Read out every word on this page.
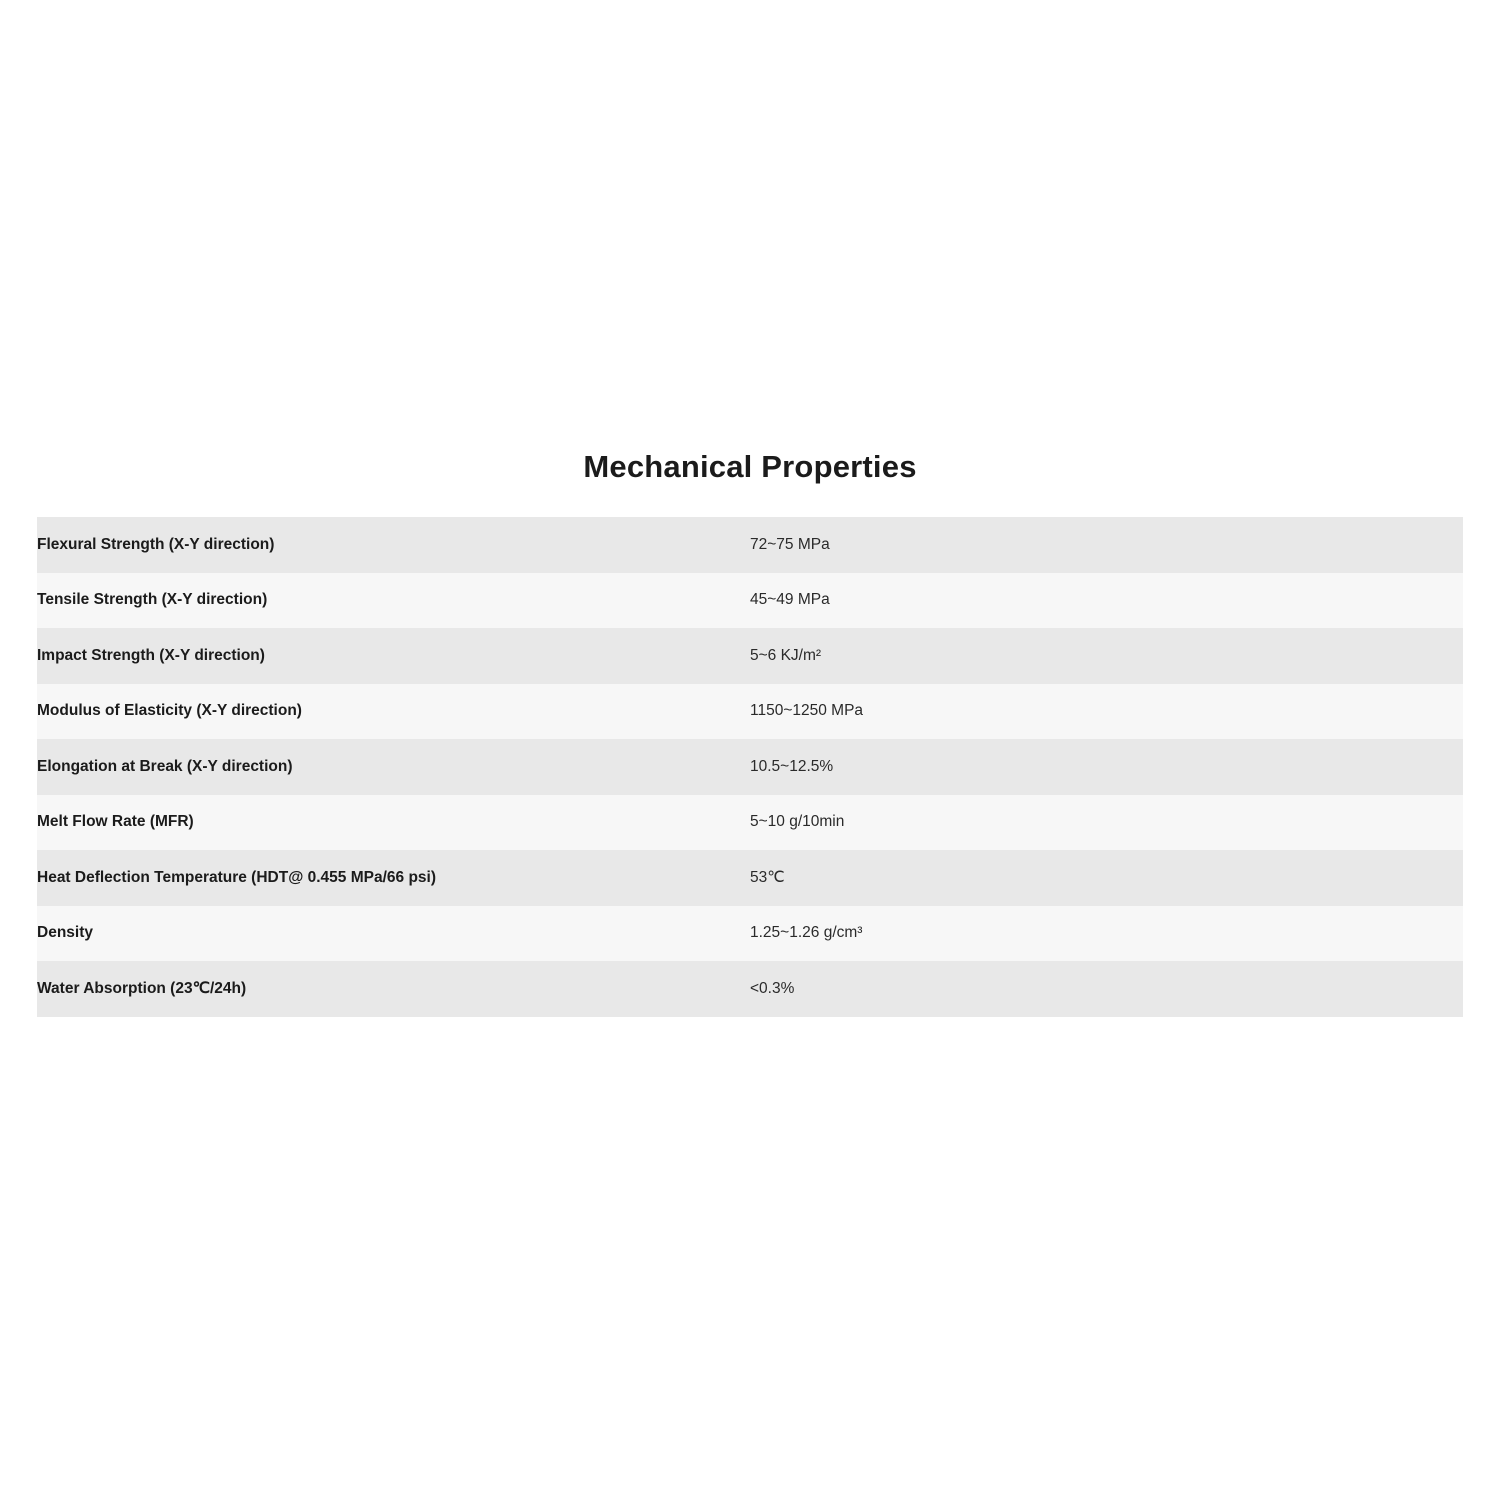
Mechanical Properties
Flexural Strength (X-Y direction)	72~75 MPa
Tensile Strength (X-Y direction)	45~49 MPa
Impact Strength (X-Y direction)	5~6 KJ/m²
Modulus of Elasticity (X-Y direction)	1150~1250 MPa
Elongation at Break (X-Y direction)	10.5~12.5%
Melt Flow Rate (MFR)	5~10 g/10min
Heat Deflection Temperature (HDT@ 0.455 MPa/66 psi)	53℃
Density	1.25~1.26 g/cm³
Water Absorption (23℃/24h)	<0.3%
